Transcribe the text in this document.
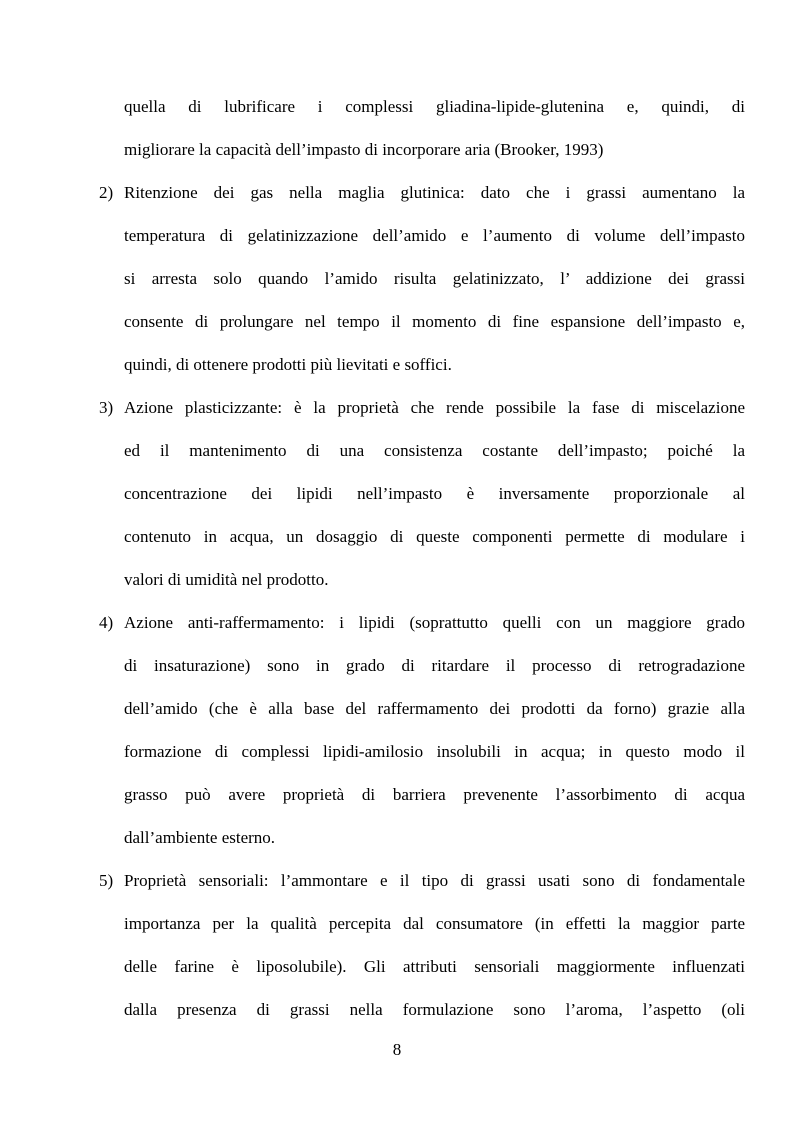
quella di lubrificare i complessi gliadina-lipide-glutenina e, quindi, di
migliorare la capacità dell’impasto di incorporare aria (Brooker, 1993)
2) Ritenzione dei gas nella maglia glutinica: dato che i grassi aumentano la
temperatura di gelatinizzazione dell’amido e l’aumento di volume dell’impasto
si arresta solo quando l’amido risulta gelatinizzato, l’ addizione dei grassi
consente di prolungare nel tempo il momento di fine espansione dell’impasto e,
quindi, di ottenere prodotti più lievitati e soffici.
3) Azione plasticizzante: è la proprietà che rende possibile la fase di miscelazione
ed il mantenimento di una consistenza costante dell’impasto; poiché la
concentrazione dei lipidi nell’impasto è inversamente proporzionale al
contenuto in acqua, un dosaggio di queste componenti permette di modulare i
valori di umidità nel prodotto.
4) Azione anti-raffermamento: i lipidi (soprattutto quelli con un maggiore grado
di insaturazione) sono in grado di ritardare il processo di retrogradazione
dell’amido (che è alla base del raffermamento dei prodotti da forno) grazie alla
formazione di complessi lipidi-amilosio insolubili in acqua; in questo modo il
grasso può avere proprietà di barriera prevenente l’assorbimento di acqua
dall’ambiente esterno.
5) Proprietà sensoriali: l’ammontare e il tipo di grassi usati sono di fondamentale
importanza per la qualità percepita dal consumatore (in effetti la maggior parte
delle farine è liposolubile). Gli attributi sensoriali maggiormente influenzati
dalla presenza di grassi nella formulazione sono l’aroma, l’aspetto (oli
8
